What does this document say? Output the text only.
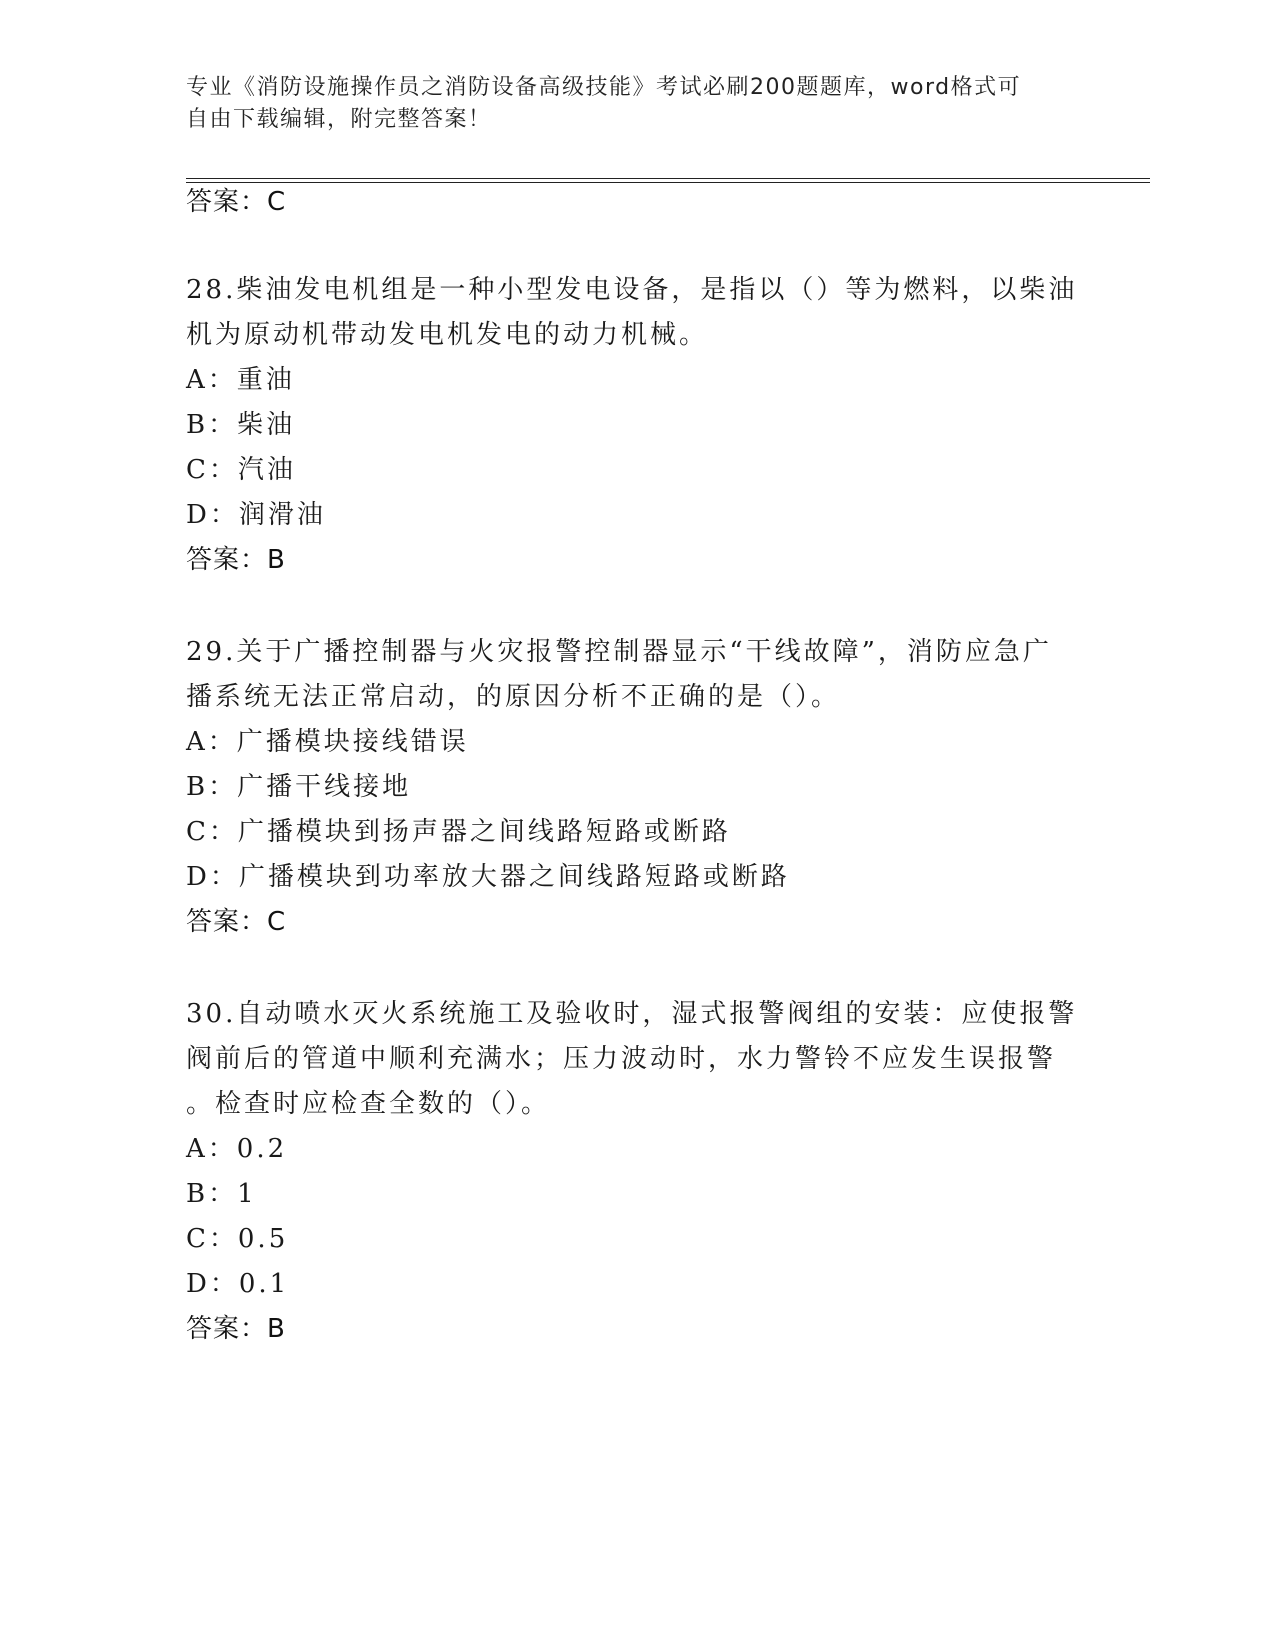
专业《消防设施操作员之消防设备高级技能》考试必刷200题题库，word格式可
自由下载编辑，附完整答案！
答案：C

28.柴油发电机组是一种小型发电设备，是指以（）等为燃料，以柴油

机为原动机带动发电机发电的动力机械。

A：重油

B：柴油

C：汽油

D：润滑油

答案：B

29.关于广播控制器与火灾报警控制器显示“干线故障”，消防应急广

播系统无法正常启动，的原因分析不正确的是（）。

A：广播模块接线错误

B：广播干线接地

C：广播模块到扬声器之间线路短路或断路

D：广播模块到功率放大器之间线路短路或断路

答案：C

30.自动喷水灭火系统施工及验收时，湿式报警阀组的安装：应使报警

阀前后的管道中顺利充满水；压力波动时，水力警铃不应发生误报警

。检查时应检查全数的（）。

A：0.2

B：1

C：0.5

D：0.1

答案：B
